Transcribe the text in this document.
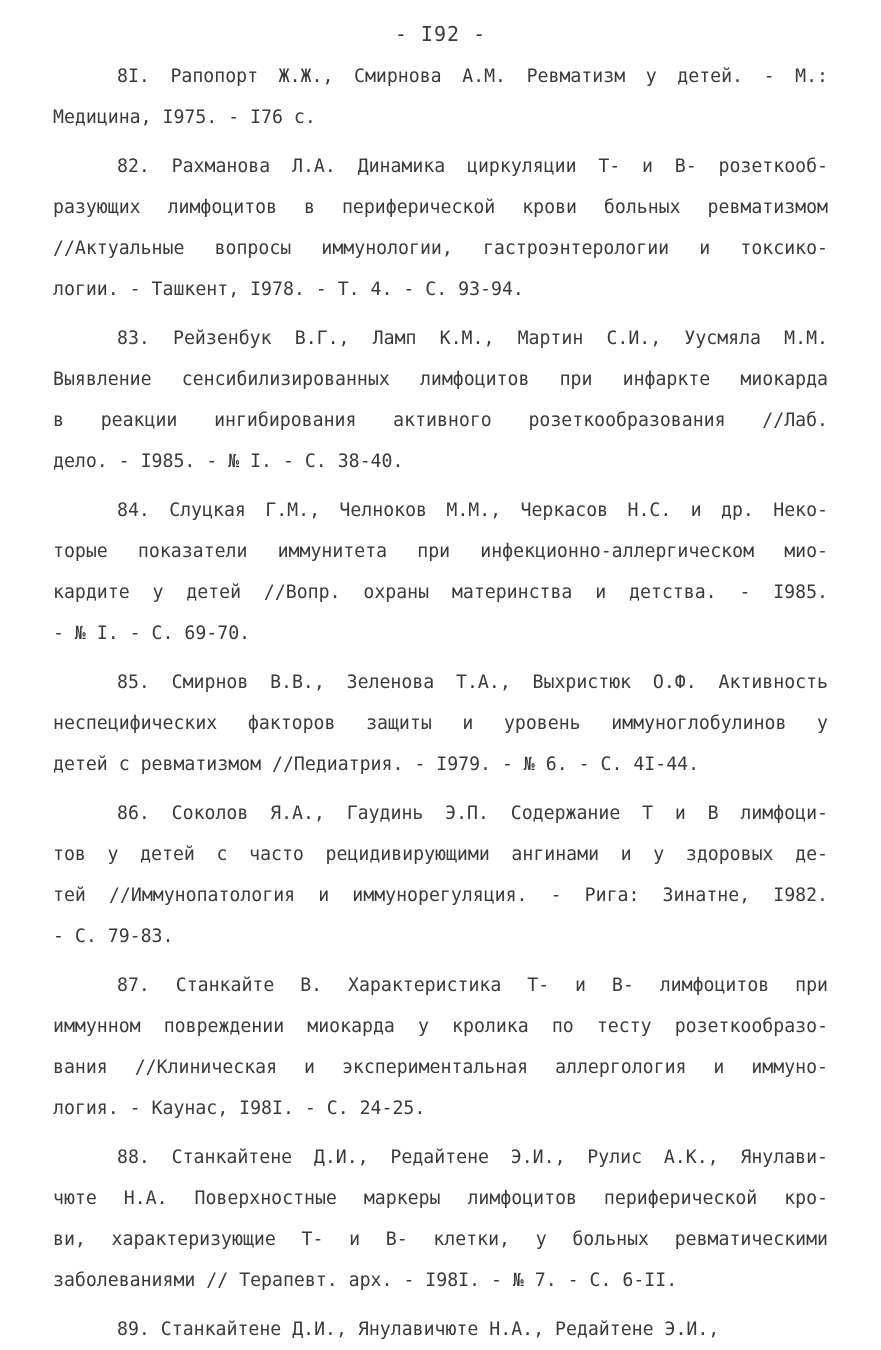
- I92 -
8I. Рапопорт Ж.Ж., Смирнова А.М. Ревматизм у детей. - М.:
Медицина, I975. - I76 с.
82. Рахманова Л.А. Динамика циркуляции Т- и В- розеткооб-
разующих лимфоцитов в периферической крови больных ревматизмом
//Актуальные вопросы иммунологии, гастроэнтерологии и токсико-
логии. - Ташкент, I978. - Т. 4. - С. 93-94.
83. Рейзенбук В.Г., Ламп К.М., Мартин С.И., Уусмяла М.М.
Выявление сенсибилизированных лимфоцитов при инфаркте миокарда
в реакции ингибирования активного розеткообразования //Лаб.
дело. - I985. - № I. - С. 38-40.
84. Слуцкая Г.М., Челноков М.М., Черкасов Н.С. и др. Неко-
торые показатели иммунитета при инфекционно-аллергическом мио-
кардите у детей //Вопр. охраны материнства и детства. - I985.
- № I. - С. 69-70.
85. Смирнов В.В., Зеленова Т.А., Выхристюк О.Ф. Активность
неспецифических факторов защиты и уровень иммуноглобулинов у
детей с ревматизмом //Педиатрия. - I979. - № 6. - С. 4I-44.
86. Соколов Я.А., Гаудинь Э.П. Содержание Т и В лимфоци-
тов у детей с часто рецидивирующими ангинами и у здоровых де-
тей //Иммунопатология и иммунорегуляция. - Рига: Зинатне, I982.
- С. 79-83.
87. Станкайте В. Характеристика Т- и В- лимфоцитов при
иммунном повреждении миокарда у кролика по тесту розеткообразо-
вания //Клиническая и экспериментальная аллергология и иммуно-
логия. - Каунас, I98I. - С. 24-25.
88. Станкайтене Д.И., Редайтене Э.И., Рулис А.К., Янулави-
чюте Н.А. Поверхностные маркеры лимфоцитов периферической кро-
ви, характеризующие Т- и В- клетки, у больных ревматическими
заболеваниями // Терапевт. арх. - I98I. - № 7. - С. 6-II.
89. Станкайтене Д.И., Янулавичюте Н.А., Редайтене Э.И.,
